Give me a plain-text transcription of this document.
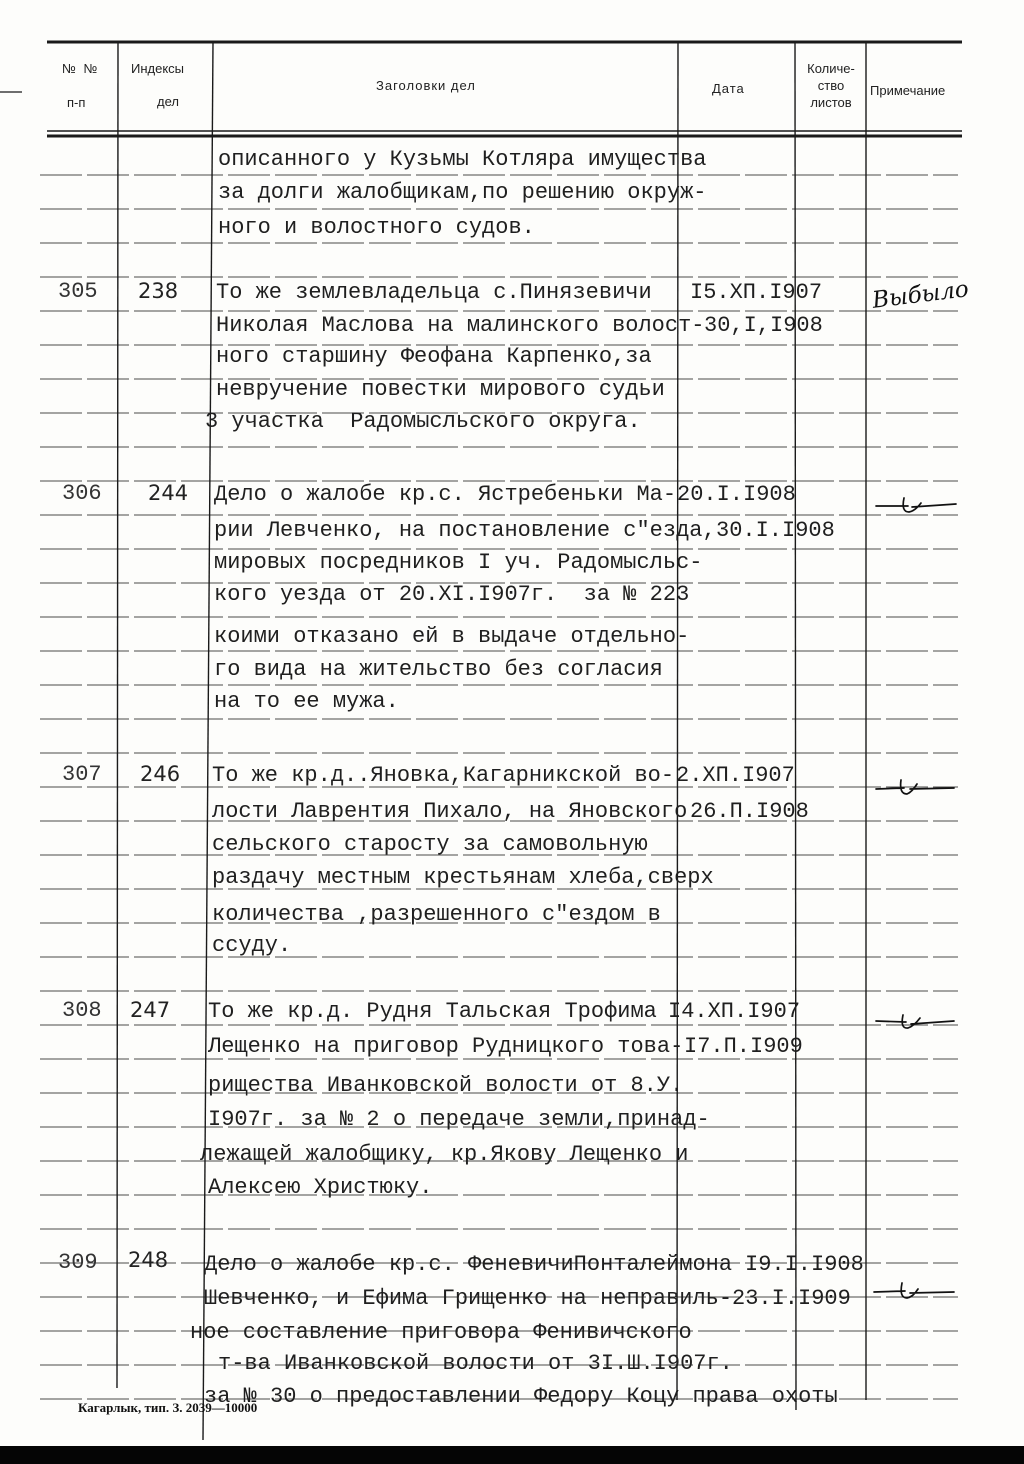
№ №
п-п
Индексы
дел
Заголовки дел	Дата
Количе-
ство
листов
Примечание
описанного у Кузьмы Котляра имущества
за долги жалобщикам,по решению окруж-
ного и волостного судов.
305 238 То же землевладельца с.Пинязевичи
Николая Маслова на малинского волост-
ного старшину Феофана Карпенко,за
невручение повестки мирового судьи
3 участка  Радомысльского округа.
I5.ХП.I907
30,I,I908
Выбыло
306 244 Дело о жалобе кр.с. Ястребеньки Ма-
рии Левченко, на постановление с"езда,
мировых посредников I уч. Радомысльс-
кого уезда от 20.XI.I907г.  за № 223
коими отказано ей в выдаче отдельно-
го вида на жительство без согласия
на то ее мужа.
20.I.I908
30.I.I908
307 246 То же кр.д..Яновка,Кагарникской во-
лости Лаврентия Пихало, на Яновского
сельского старосту за самовольную
раздачу местным крестьянам хлеба,сверх
количества ,разрешенного с"ездом в
ссуду.
2.ХП.I907
26.П.I908
308 247 То же кр.д. Рудня Тальская Трофима
Лещенко на приговор Рудницкого това-
рищества Иванковской волости от 8.У.
I907г. за № 2 о передаче земли,принад-
лежащей жалобщику, кр.Якову Лещенко и
Алексею Христюку.
I4.ХП.I907
I7.П.I909
309 248 Дело о жалобе кр.с. ФеневичиПонталеймона
Шевченко, и Ефима Грищенко на неправиль-
ное составление приговора Фенивичского
т-ва Иванковской волости от 3I.Ш.I907г.
за № 30 о предоставлении Федору Коцу права охоты
I9.I.I908
23.I.I909
Кагарлык, тип. З. 2039—10000
